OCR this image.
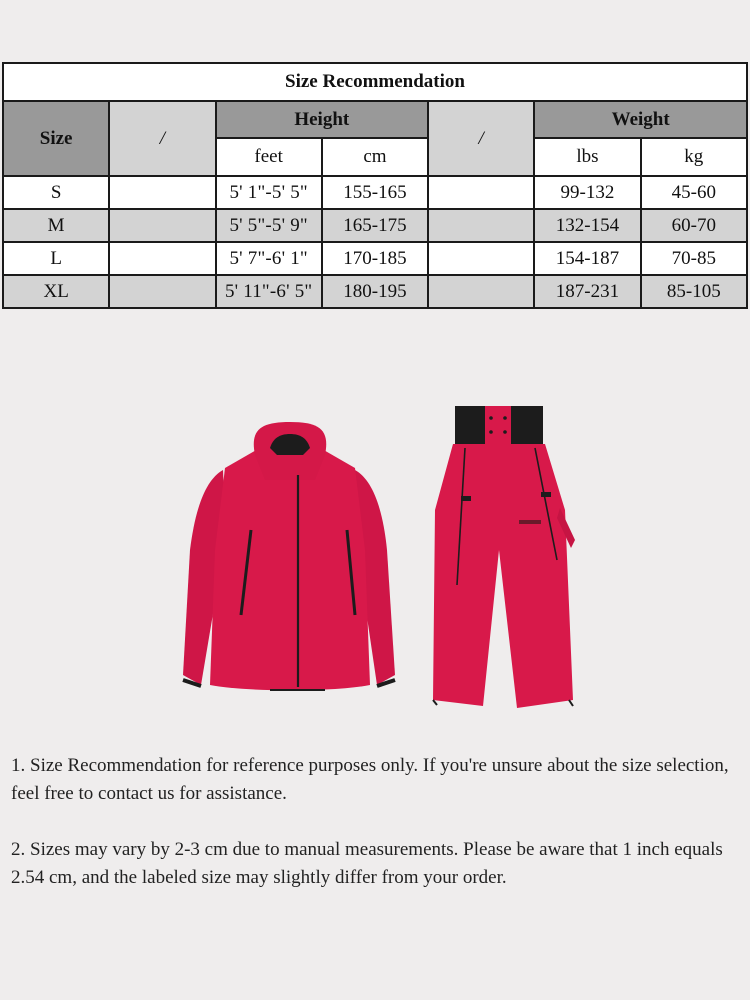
Size Recommendation						
Size	/	Height		/	Weight	
		feet	cm		lbs	kg
S		5' 1"-5' 5"	155-165		99-132	45-60
M		5' 5"-5' 9"	165-175		132-154	60-70
L		5' 7"-6' 1"	170-185		154-187	70-85
XL		5' 11"-6' 5"	180-195		187-231	85-105

1. Size Recommendation for reference purposes only. If you're unsure about the size selection, feel free to contact us for assistance.

2. Sizes may vary by 2-3 cm due to manual measurements. Please be aware that 1 inch equals 2.54 cm, and the labeled size may slightly differ from your order.
